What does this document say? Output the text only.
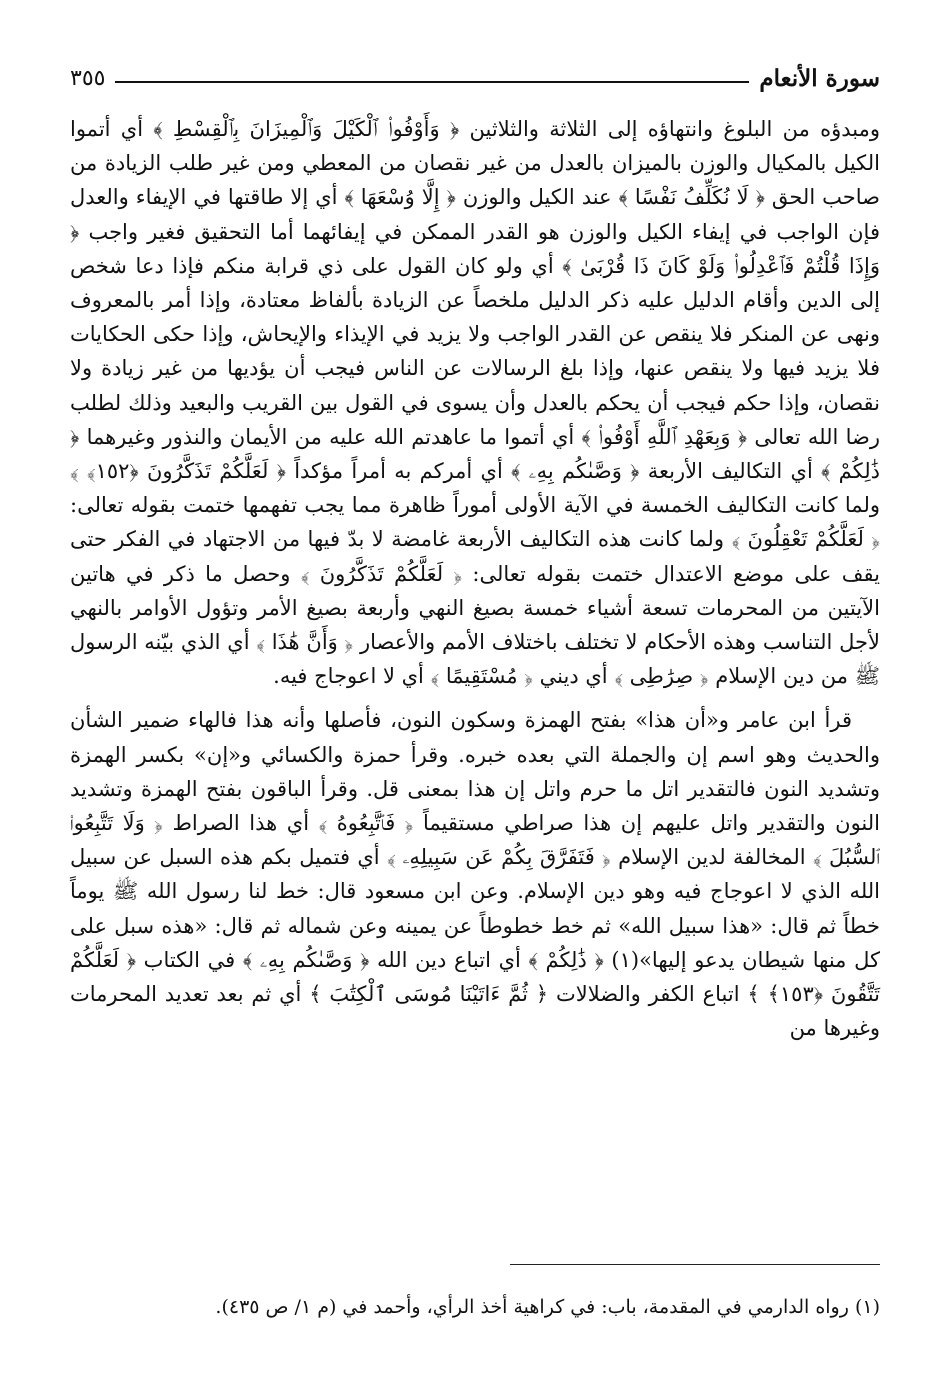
سورة الأنعام
٣٥٥

ومبدؤه من البلوغ وانتهاؤه إلى الثلاثة والثلاثين ﴿ وَأَوْفُوا۟ ٱلْكَيْلَ وَٱلْمِيزَانَ بِٱلْقِسْطِ ﴾ أي أتموا الكيل بالمكيال والوزن بالميزان بالعدل من غير نقصان من المعطي ومن غير طلب الزيادة من صاحب الحق ﴿ لَا نُكَلِّفُ نَفْسًا ﴾ عند الكيل والوزن ﴿ إِلَّا وُسْعَهَا ﴾ أي إلا طاقتها في الإيفاء والعدل فإن الواجب في إيفاء الكيل والوزن هو القدر الممكن في إيفائهما أما التحقيق فغير واجب ﴿ وَإِذَا قُلْتُمْ فَٱعْدِلُوا۟ وَلَوْ كَانَ ذَا قُرْبَىٰ ﴾ أي ولو كان القول على ذي قرابة منكم فإذا دعا شخص إلى الدين وأقام الدليل عليه ذكر الدليل ملخصاً عن الزيادة بألفاظ معتادة، وإذا أمر بالمعروف ونهى عن المنكر فلا ينقص عن القدر الواجب ولا يزيد في الإيذاء والإيحاش، وإذا حكى الحكايات فلا يزيد فيها ولا ينقص عنها، وإذا بلغ الرسالات عن الناس فيجب أن يؤديها من غير زيادة ولا نقصان، وإذا حكم فيجب أن يحكم بالعدل وأن يسوى في القول بين القريب والبعيد وذلك لطلب رضا الله تعالى ﴿ وَبِعَهْدِ ٱللَّهِ أَوْفُوا۟ ﴾ أي أتموا ما عاهدتم الله عليه من الأيمان والنذور وغيرهما ﴿ ذَٰلِكُمْ ﴾ أي التكاليف الأربعة ﴿ وَصَّىٰكُم بِهِۦ ﴾ أي أمركم به أمراً مؤكداً ﴿ لَعَلَّكُمْ تَذَكَّرُونَ ﴿١٥٢﴾ ﴾ ولما كانت التكاليف الخمسة في الآية الأولى أموراً ظاهرة مما يجب تفهمها ختمت بقوله تعالى: ﴿ لَعَلَّكُمْ تَعْقِلُونَ ﴾ ولما كانت هذه التكاليف الأربعة غامضة لا بدّ فيها من الاجتهاد في الفكر حتى يقف على موضع الاعتدال ختمت بقوله تعالى: ﴿ لَعَلَّكُمْ تَذَكَّرُونَ ﴾ وحصل ما ذكر في هاتين الآيتين من المحرمات تسعة أشياء خمسة بصيغ النهي وأربعة بصيغ الأمر وتؤول الأوامر بالنهي لأجل التناسب وهذه الأحكام لا تختلف باختلاف الأمم والأعصار ﴿ وَأَنَّ هَٰذَا ﴾ أي الذي بيّنه الرسول ﷺ من دين الإسلام ﴿ صِرَٰطِى ﴾ أي ديني ﴿ مُسْتَقِيمًا ﴾ أي لا اعوجاج فيه.

قرأ ابن عامر و«أن هذا» بفتح الهمزة وسكون النون، فأصلها وأنه هذا فالهاء ضمير الشأن والحديث وهو اسم إن والجملة التي بعده خبره. وقرأ حمزة والكسائي و«إن» بكسر الهمزة وتشديد النون فالتقدير اتل ما حرم واتل إن هذا بمعنى قل. وقرأ الباقون بفتح الهمزة وتشديد النون والتقدير واتل عليهم إن هذا صراطي مستقيماً ﴿ فَٱتَّبِعُوهُ ﴾ أي هذا الصراط ﴿ وَلَا تَتَّبِعُوا۟ ٱلسُّبُلَ ﴾ المخالفة لدين الإسلام ﴿ فَتَفَرَّقَ بِكُمْ عَن سَبِيلِهِۦ ﴾ أي فتميل بكم هذه السبل عن سبيل الله الذي لا اعوجاج فيه وهو دين الإسلام. وعن ابن مسعود قال: خط لنا رسول الله ﷺ يوماً خطاً ثم قال: «هذا سبيل الله» ثم خط خطوطاً عن يمينه وعن شماله ثم قال: «هذه سبل على كل منها شيطان يدعو إليها»(١) ﴿ ذَٰلِكُمْ ﴾ أي اتباع دين الله ﴿ وَصَّىٰكُم بِهِۦ ﴾ في الكتاب ﴿ لَعَلَّكُمْ تَتَّقُونَ ﴿١٥٣﴾ ﴾ اتباع الكفر والضلالات ﴿ ثُمَّ ءَاتَيْنَا مُوسَى ٱلْكِتَٰبَ ﴾ أي ثم بعد تعديد المحرمات وغيرها من

(١) رواه الدارمي في المقدمة، باب: في كراهية أخذ الرأي، وأحمد في (م ١/ ص ٤٣٥).
